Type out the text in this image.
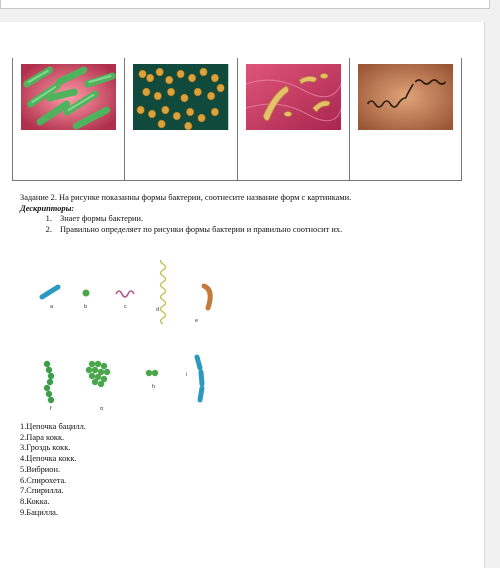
Задание 2. На рисунке показанны формы бактерии, соотнесите название форм с картинками.
Дескрипторы:
1. Знает формы бактерии.
2. Правильно определяет по рисунки формы бактерии и правильно соотносит их.
a	b	c	d
e
f	g
h
i
1.Цепочка бацилл.
2.Пара кокк.
3.Гроздь кокк.
4.Цепочка кокк.
5.Вибрион.
6.Спирохета.
7.Спирилла.
8.Кокка.
9.Бацилла.
